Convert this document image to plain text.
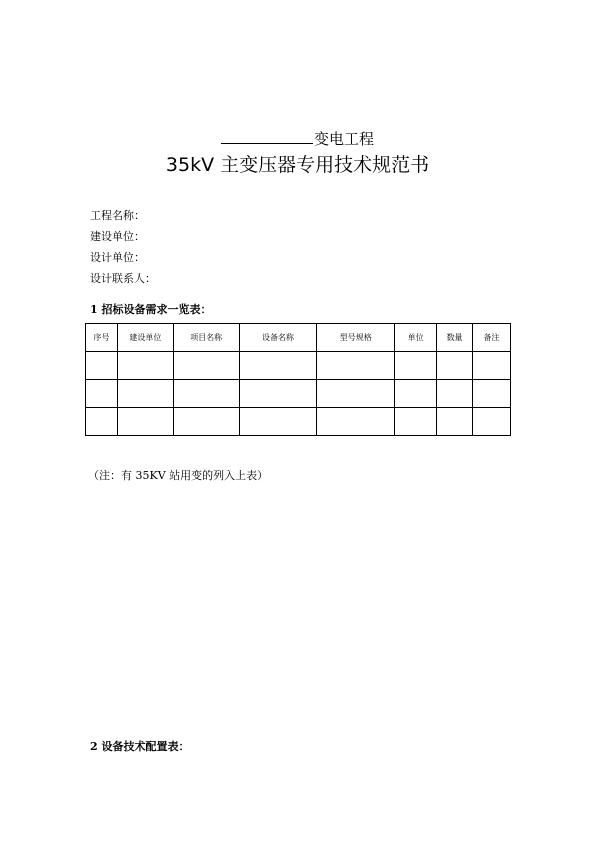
变电工程
35kV 主变压器专用技术规范书
工程名称：
建设单位：
设计单位：
设计联系人：
1 招标设备需求一览表：
序号	建设单位	项目名称	设备名称	型号规格	单位	数量	备注

（注：有 35KV 站用变的列入上表）
2 设备技术配置表：
